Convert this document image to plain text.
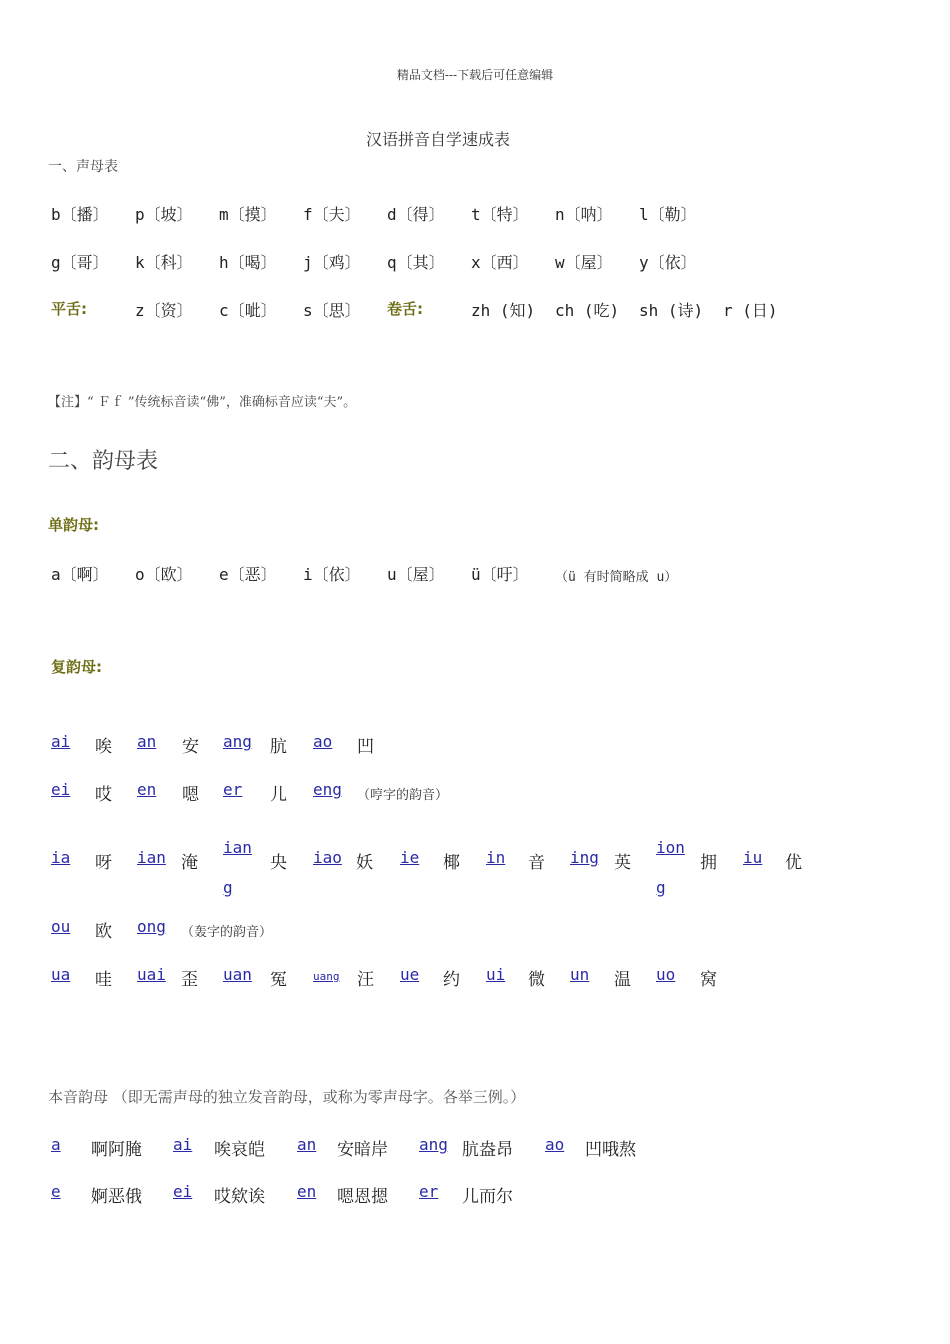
精品文档---下载后可任意编辑
汉语拼音自学速成表
一、声母表
b〔播〕 p〔坡〕 m〔摸〕 f〔夫〕 d〔得〕 t〔特〕 n〔呐〕 l〔勒〕
g〔哥〕 k〔科〕 h〔喝〕 j〔鸡〕 q〔其〕 x〔西〕 w〔屋〕 y〔依〕
平舌:	z〔资〕 c〔呲〕 s〔思〕 卷舌:	zh (知) ch (吃) sh (诗) r (日)
【注】“ Ｆｆ ”传统标音读“佛”，准确标音应读“夫”。
二、韵母表
单韵母:
a〔啊〕 o〔欧〕 e〔恶〕 i〔依〕 u〔屋〕 ü〔吁〕 （ü 有时简略成 u）
复韵母:
ai 唉 an 安 ang 肮 ao 凹
ei 哎 en 嗯 er 儿 eng （哼字的韵音）
ia 呀 ian 淹
ian g
央 iao 妖 ie 椰 in 音 ing 英
ion g
拥 iu 优
ou 欧 ong （轰字的韵音）
ua 哇 uai 歪 uan 冤 uang 汪 ue 约 ui 微 un 温 uo 窝
本音韵母 （即无需声母的独立发音韵母，或称为零声母字。各举三例。）
a 啊阿腌 ai 唉哀皑 an 安暗岸 ang 肮盎昂 ao 凹哦熬
e 婀恶俄 ei 哎欸诶 en 嗯恩摁 er 儿而尔
